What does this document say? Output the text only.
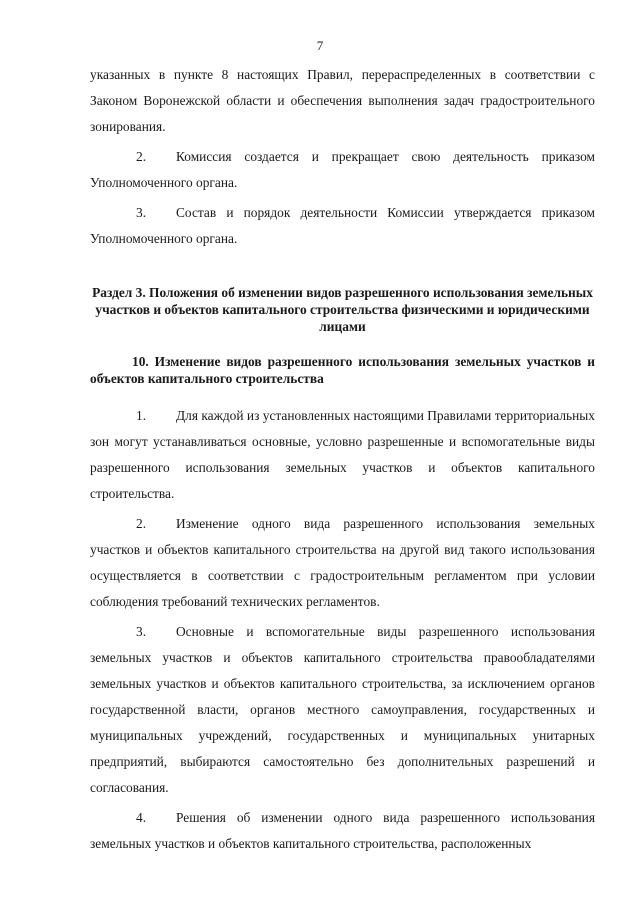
7

указанных в пункте 8 настоящих Правил, перераспределенных в соответствии с Законом Воронежской области и обеспечения выполнения задач градостроительного зонирования.

2. Комиссия создается и прекращает свою деятельность приказом Уполномоченного органа.

3. Состав и порядок деятельности Комиссии утверждается приказом Уполномоченного органа.

Раздел 3. Положения об изменении видов разрешенного использования земельных участков и объектов капитального строительства физическими и юридическими лицами
10. Изменение видов разрешенного использования земельных участков и объектов капитального строительства

1. Для каждой из установленных настоящими Правилами территориальных зон могут устанавливаться основные, условно разрешенные и вспомогательные виды разрешенного использования земельных участков и объектов капитального строительства.

2. Изменение одного вида разрешенного использования земельных участков и объектов капитального строительства на другой вид такого использования осуществляется в соответствии с градостроительным регламентом при условии соблюдения требований технических регламентов.

3. Основные и вспомогательные виды разрешенного использования земельных участков и объектов капитального строительства правообладателями земельных участков и объектов капитального строительства, за исключением органов государственной власти, органов местного самоуправления, государственных и муниципальных учреждений, государственных и муниципальных унитарных предприятий, выбираются самостоятельно без дополнительных разрешений и согласования.

4. Решения об изменении одного вида разрешенного использования земельных участков и объектов капитального строительства, расположенных
